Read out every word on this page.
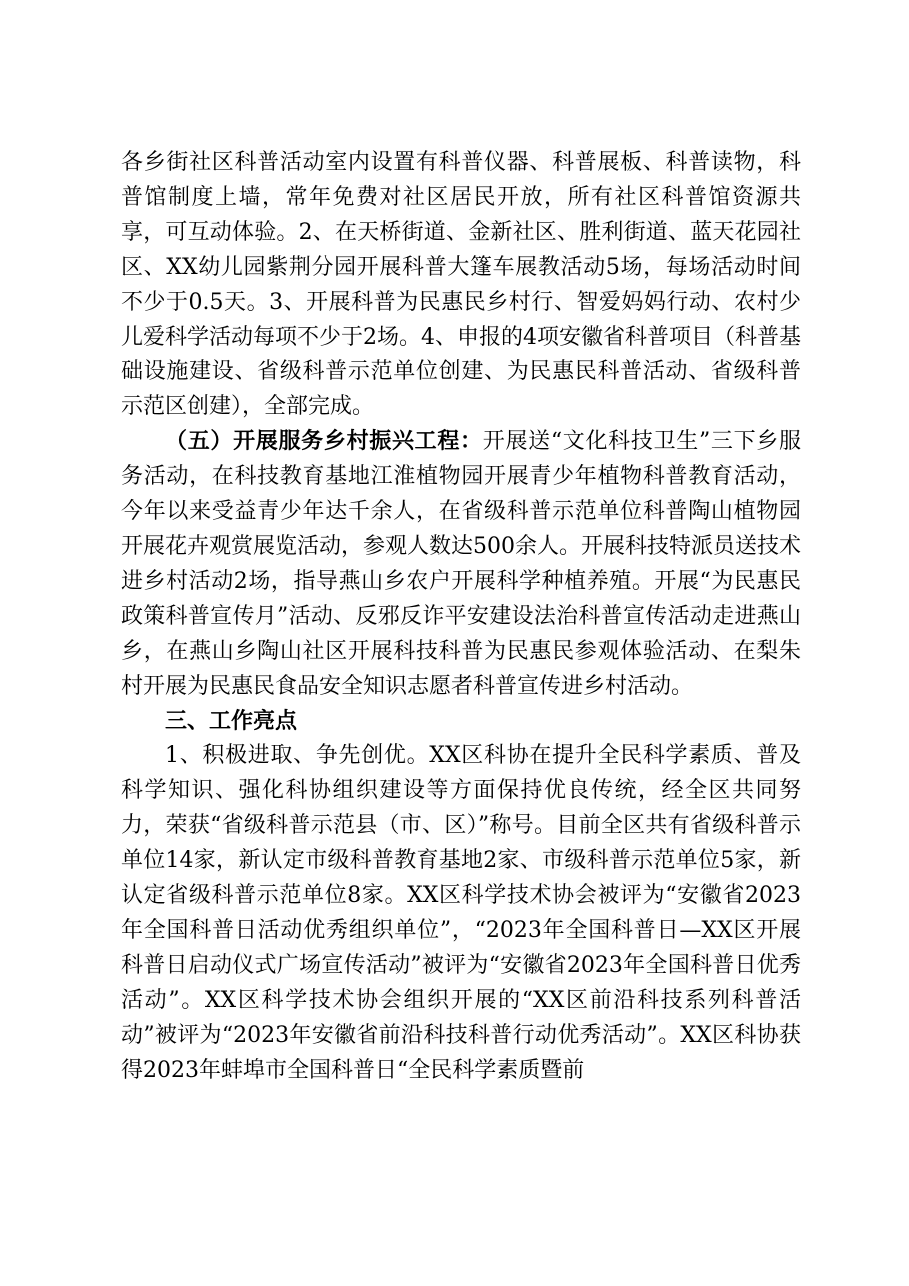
各乡街社区科普活动室内设置有科普仪器、科普展板、科普读物，科普馆制度上墙，常年免费对社区居民开放，所有社区科普馆资源共享，可互动体验。2、在天桥街道、金新社区、胜利街道、蓝天花园社区、XX幼儿园紫荆分园开展科普大篷车展教活动5场，每场活动时间不少于0.5天。3、开展科普为民惠民乡村行、智爱妈妈行动、农村少儿爱科学活动每项不少于2场。4、申报的4项安徽省科普项目（科普基础设施建设、省级科普示范单位创建、为民惠民科普活动、省级科普示范区创建），全部完成。

（五）开展服务乡村振兴工程：开展送“文化科技卫生”三下乡服务活动，在科技教育基地江淮植物园开展青少年植物科普教育活动，今年以来受益青少年达千余人，在省级科普示范单位科普陶山植物园开展花卉观赏展览活动，参观人数达500余人。开展科技特派员送技术进乡村活动2场，指导燕山乡农户开展科学种植养殖。开展“为民惠民政策科普宣传月”活动、反邪反诈平安建设法治科普宣传活动走进燕山乡，在燕山乡陶山社区开展科技科普为民惠民参观体验活动、在梨朱村开展为民惠民食品安全知识志愿者科普宣传进乡村活动。

三、工作亮点

1、积极进取、争先创优。XX区科协在提升全民科学素质、普及科学知识、强化科协组织建设等方面保持优良传统，经全区共同努力，荣获“省级科普示范县（市、区）”称号。目前全区共有省级科普示单位14家，新认定市级科普教育基地2家、市级科普示范单位5家，新认定省级科普示范单位8家。XX区科学技术协会被评为“安徽省2023年全国科普日活动优秀组织单位”，“2023年全国科普日—XX区开展科普日启动仪式广场宣传活动”被评为“安徽省2023年全国科普日优秀活动”。XX区科学技术协会组织开展的“XX区前沿科技系列科普活动”被评为“2023年安徽省前沿科技科普行动优秀活动”。XX区科协获得2023年蚌埠市全国科普日“全民科学素质暨前
